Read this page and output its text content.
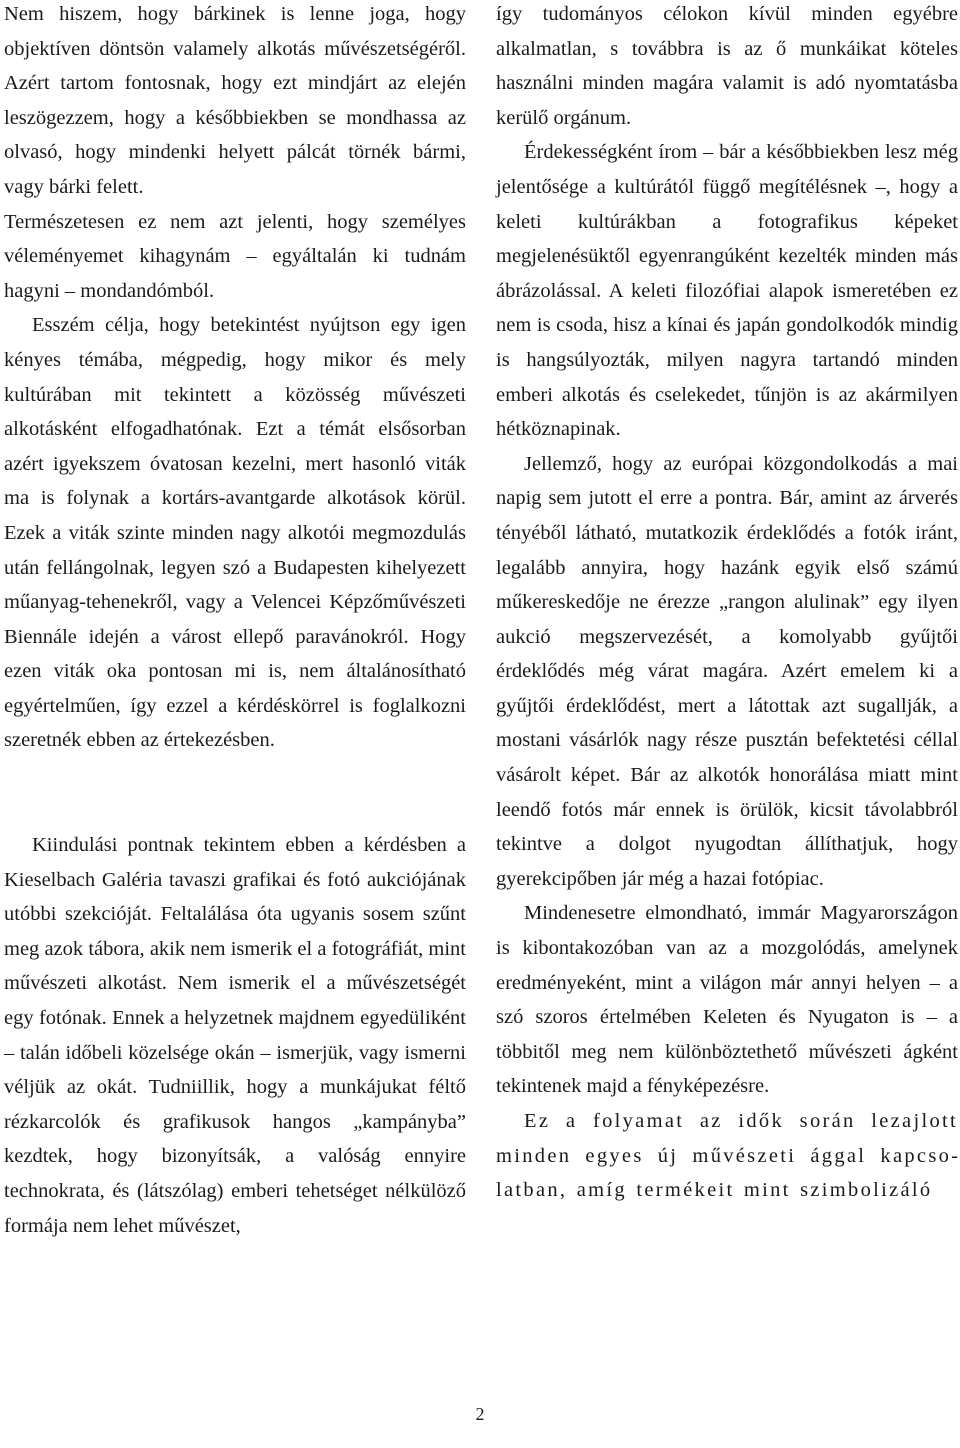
Nem hiszem, hogy bárkinek is lenne joga, hogy objektíven döntsön valamely alkotás művészetségéről. Azért tartom fontosnak, hogy ezt mindjárt az elején leszögezzem, hogy a későbbiekben se mondhassa az olvasó, hogy mindenki helyett pálcát törnék bármi, vagy bárki felett.

Természetesen ez nem azt jelenti, hogy személyes véleményemet kihagynám – egyáltalán ki tudnám hagyni – mondandómból.

Esszém célja, hogy betekintést nyújtson egy igen kényes témába, mégpedig, hogy mikor és mely kultúrában mit tekintett a közösség művészeti alkotásként elfogadhatónak. Ezt a témát elsősorban azért igyekszem óvatosan kezelni, mert hasonló viták ma is folynak a kortárs-avantgarde alkotások körül. Ezek a viták szinte minden nagy alkotói megmozdulás után fellángolnak, legyen szó a Budapesten kihelyezett műanyag-tehenekről, vagy a Velencei Képzőművészeti Biennále idején a várost ellepő paravánokról. Hogy ezen viták oka pontosan mi is, nem általánosítható egyértelműen, így ezzel a kérdéskörrel is foglalkozni szeretnék ebben az értekezésben.

Kiindulási pontnak tekintem ebben a kérdésben a Kieselbach Galéria tavaszi grafikai és fotó aukciójának utóbbi szekcióját. Feltalálása óta ugyanis sosem szűnt meg azok tábora, akik nem ismerik el a fotográfiát, mint művészeti alkotást. Nem ismerik el a művészetségét egy fotónak. Ennek a helyzetnek majdnem egyedüliként – talán időbeli közelsége okán – ismerjük, vagy ismerni véljük az okát. Tudniillik, hogy a munkájukat féltő rézkarcolók és grafikusok hangos „kampányba” kezdtek, hogy bizonyítsák, a valóság ennyire technokrata, és (látszólag) emberi tehetséget nélkülöző formája nem lehet művészet,

így tudományos célokon kívül minden egyébre alkalmatlan, s továbbra is az ő munkáikat köteles használni minden magára valamit is adó nyomtatásba kerülő orgánum.

Érdekességként írom – bár a későbbiekben lesz még jelentősége a kultúrától függő megítélésnek –, hogy a keleti kultúrákban a fotografikus képeket megjelenésüktől egyenrangúként kezelték minden más ábrázolással. A keleti filozófiai alapok ismeretében ez nem is csoda, hisz a kínai és japán gondolkodók mindig is hangsúlyozták, milyen nagyra tartandó minden emberi alkotás és cselekedet, tűnjön is az akármilyen hétköznapinak.

Jellemző, hogy az európai közgondolkodás a mai napig sem jutott el erre a pontra. Bár, amint az árverés tényéből látható, mutatkozik érdeklődés a fotók iránt, legalább annyira, hogy hazánk egyik első számú műkereskedője ne érezze „rangon alulinak” egy ilyen aukció megszervezését, a komolyabb gyűjtői érdeklődés még várat magára. Azért emelem ki a gyűjtői érdeklődést, mert a látottak azt sugallják, a mostani vásárlók nagy része pusztán befektetési céllal vásárolt képet. Bár az alkotók honorálása miatt mint leendő fotós már ennek is örülök, kicsit távolabbról tekintve a dolgot nyugodtan állíthatjuk, hogy gyerekcipőben jár még a hazai fotópiac.

Mindenesetre elmondható, immár Magyarországon is kibontakozóban van az a mozgolódás, amelynek eredményeként, mint a világon már annyi helyen – a szó szoros értelmében Keleten és Nyugaton is – a többitől meg nem különböztethető művészeti ágként tekintenek majd a fényképezésre.

Ez a folyamat az idők során lezajlott minden egyes új művészeti ággal kapcsolatban, amíg termékeit mint szimbolizáló

2
